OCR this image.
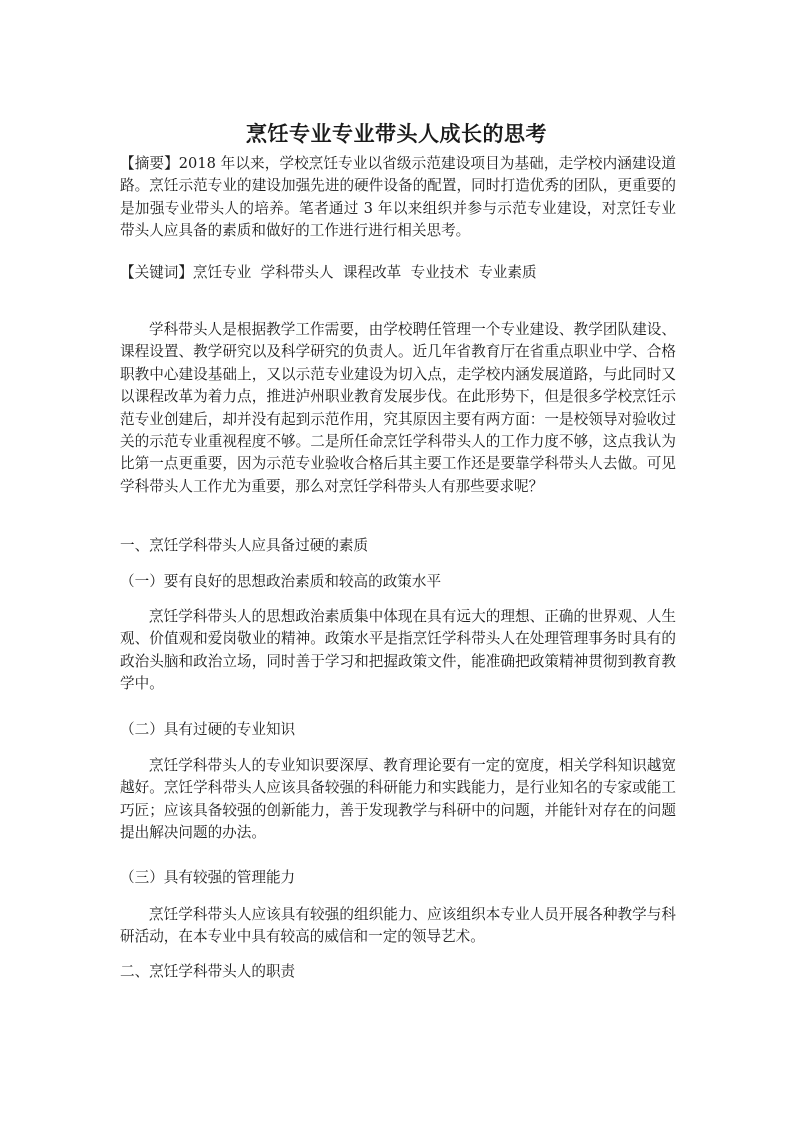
烹饪专业专业带头人成长的思考

【摘要】2018 年以来，学校烹饪专业以省级示范建设项目为基础，走学校内涵建设道路。烹饪示范专业的建设加强先进的硬件设备的配置，同时打造优秀的团队，更重要的是加强专业带头人的培养。笔者通过 3 年以来组织并参与示范专业建设，对烹饪专业带头人应具备的素质和做好的工作进行进行相关思考。

【关键词】烹饪专业  学科带头人  课程改革  专业技术  专业素质

学科带头人是根据教学工作需要，由学校聘任管理一个专业建设、教学团队建设、课程设置、教学研究以及科学研究的负责人。近几年省教育厅在省重点职业中学、合格职教中心建设基础上，又以示范专业建设为切入点，走学校内涵发展道路，与此同时又以课程改革为着力点，推进泸州职业教育发展步伐。在此形势下，但是很多学校烹饪示范专业创建后，却并没有起到示范作用，究其原因主要有两方面：一是校领导对验收过关的示范专业重视程度不够。二是所任命烹饪学科带头人的工作力度不够，这点我认为比第一点更重要，因为示范专业验收合格后其主要工作还是要靠学科带头人去做。可见学科带头人工作尤为重要，那么对烹饪学科带头人有那些要求呢？

一、烹饪学科带头人应具备过硬的素质

（一）要有良好的思想政治素质和较高的政策水平

烹饪学科带头人的思想政治素质集中体现在具有远大的理想、正确的世界观、人生观、价值观和爱岗敬业的精神。政策水平是指烹饪学科带头人在处理管理事务时具有的政治头脑和政治立场，同时善于学习和把握政策文件，能准确把政策精神贯彻到教育教学中。

（二）具有过硬的专业知识

烹饪学科带头人的专业知识要深厚、教育理论要有一定的宽度，相关学科知识越宽越好。烹饪学科带头人应该具备较强的科研能力和实践能力，是行业知名的专家或能工巧匠；应该具备较强的创新能力，善于发现教学与科研中的问题，并能针对存在的问题提出解决问题的办法。

（三）具有较强的管理能力

烹饪学科带头人应该具有较强的组织能力、应该组织本专业人员开展各种教学与科研活动，在本专业中具有较高的威信和一定的领导艺术。

二、烹饪学科带头人的职责
